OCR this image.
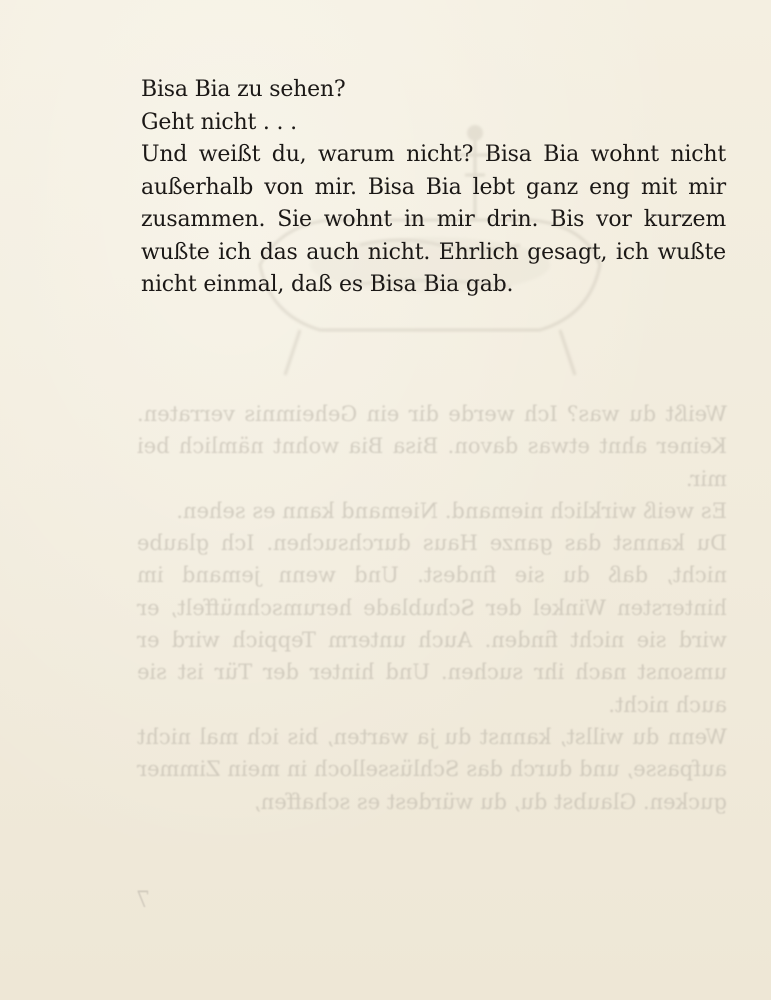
Weißt du was? Ich werde dir ein Geheimnis verraten. Keiner ahnt etwas davon. Bisa Bia wohnt nämlich bei mir.

Es weiß wirklich niemand. Niemand kann es sehen.

Du kannst das ganze Haus durchsuchen. Ich glaube nicht, daß du sie findest. Und wenn jemand im hintersten Winkel der Schublade herumschnüffelt, er wird sie nicht finden. Auch unterm Teppich wird er umsonst nach ihr suchen. Und hinter der Tür ist sie auch nicht.

Wenn du willst, kannst du ja warten, bis ich mal nicht aufpasse, und durch das Schlüsselloch in mein Zimmer gucken. Glaubst du, du würdest es schaffen,

7

Bisa Bia zu sehen?

Geht nicht . . .

Und weißt du, warum nicht? Bisa Bia wohnt nicht außerhalb von mir. Bisa Bia lebt ganz eng mit mir zusammen. Sie wohnt in mir drin. Bis vor kurzem wußte ich das auch nicht. Ehrlich gesagt, ich wußte nicht einmal, daß es Bisa Bia gab.
